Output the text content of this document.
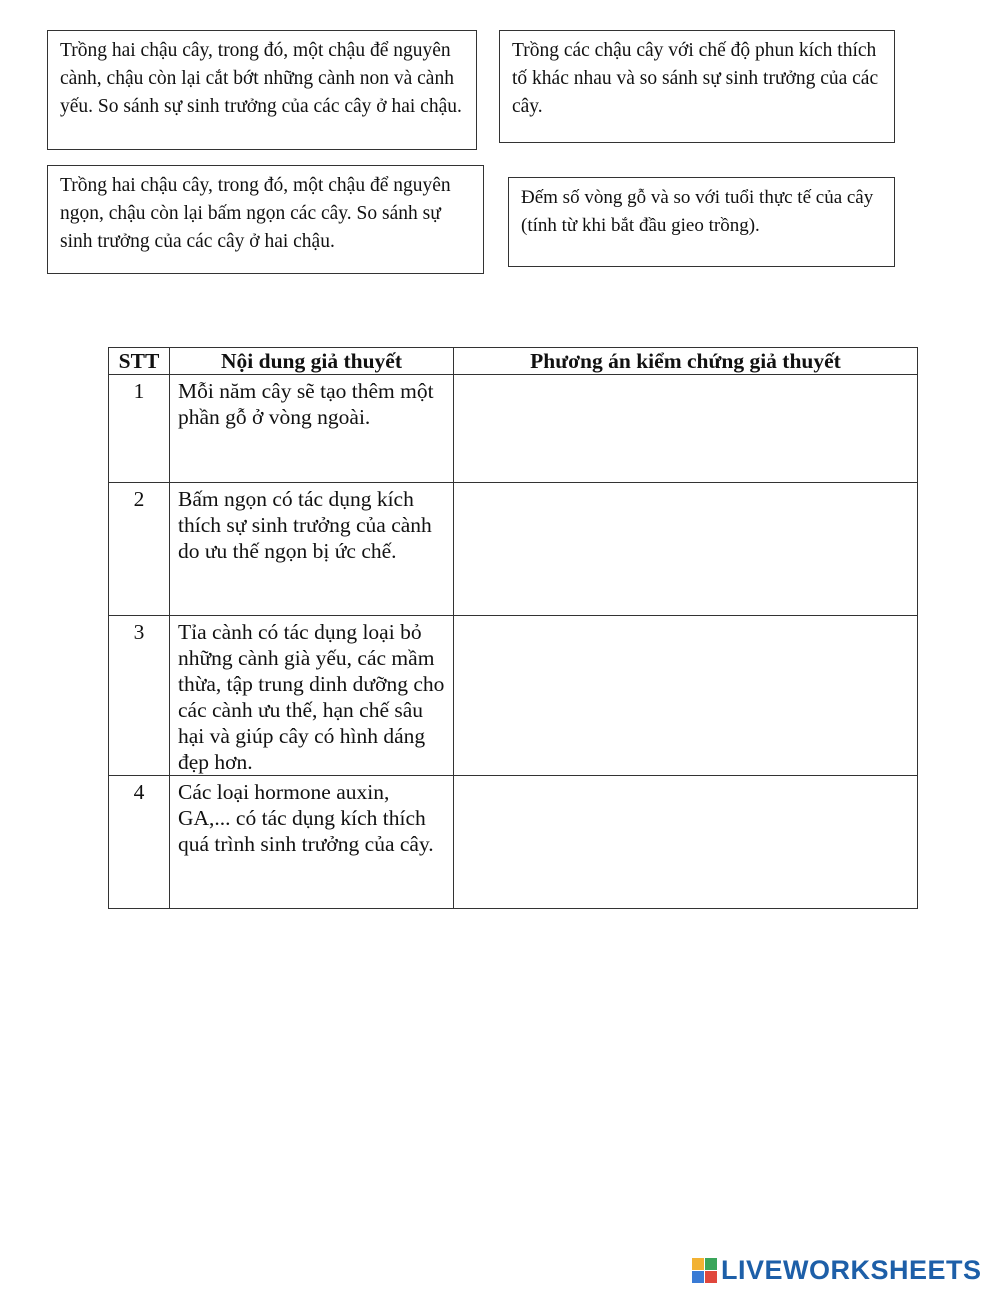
Trồng hai chậu cây, trong đó, một chậu để nguyên cành, chậu còn lại cắt bớt những cành non và cành yếu. So sánh sự sinh trưởng của các cây ở hai chậu.
Trồng các chậu cây với chế độ phun kích thích tố khác nhau và so sánh sự sinh trưởng của các cây.
Trồng hai chậu cây, trong đó, một chậu để nguyên ngọn, chậu còn lại bấm ngọn các cây. So sánh sự sinh trưởng của các cây ở hai chậu.
Đếm số vòng gỗ và so với tuổi thực tế của cây (tính từ khi bắt đầu gieo trồng).
STT	Nội dung giả thuyết	Phương án kiểm chứng giả thuyết
1	Mỗi năm cây sẽ tạo thêm một phần gỗ ở vòng ngoài.	
2	Bấm ngọn có tác dụng kích thích sự sinh trưởng của cành do ưu thế ngọn bị ức chế.	
3	Tỉa cành có tác dụng loại bỏ những cành già yếu, các mầm thừa, tập trung dinh dưỡng cho các cành ưu thế, hạn chế sâu hại và giúp cây có hình dáng đẹp hơn.	
4	Các loại hormone auxin, GA,... có tác dụng kích thích quá trình sinh trưởng của cây.	
LIVEWORKSHEETS
